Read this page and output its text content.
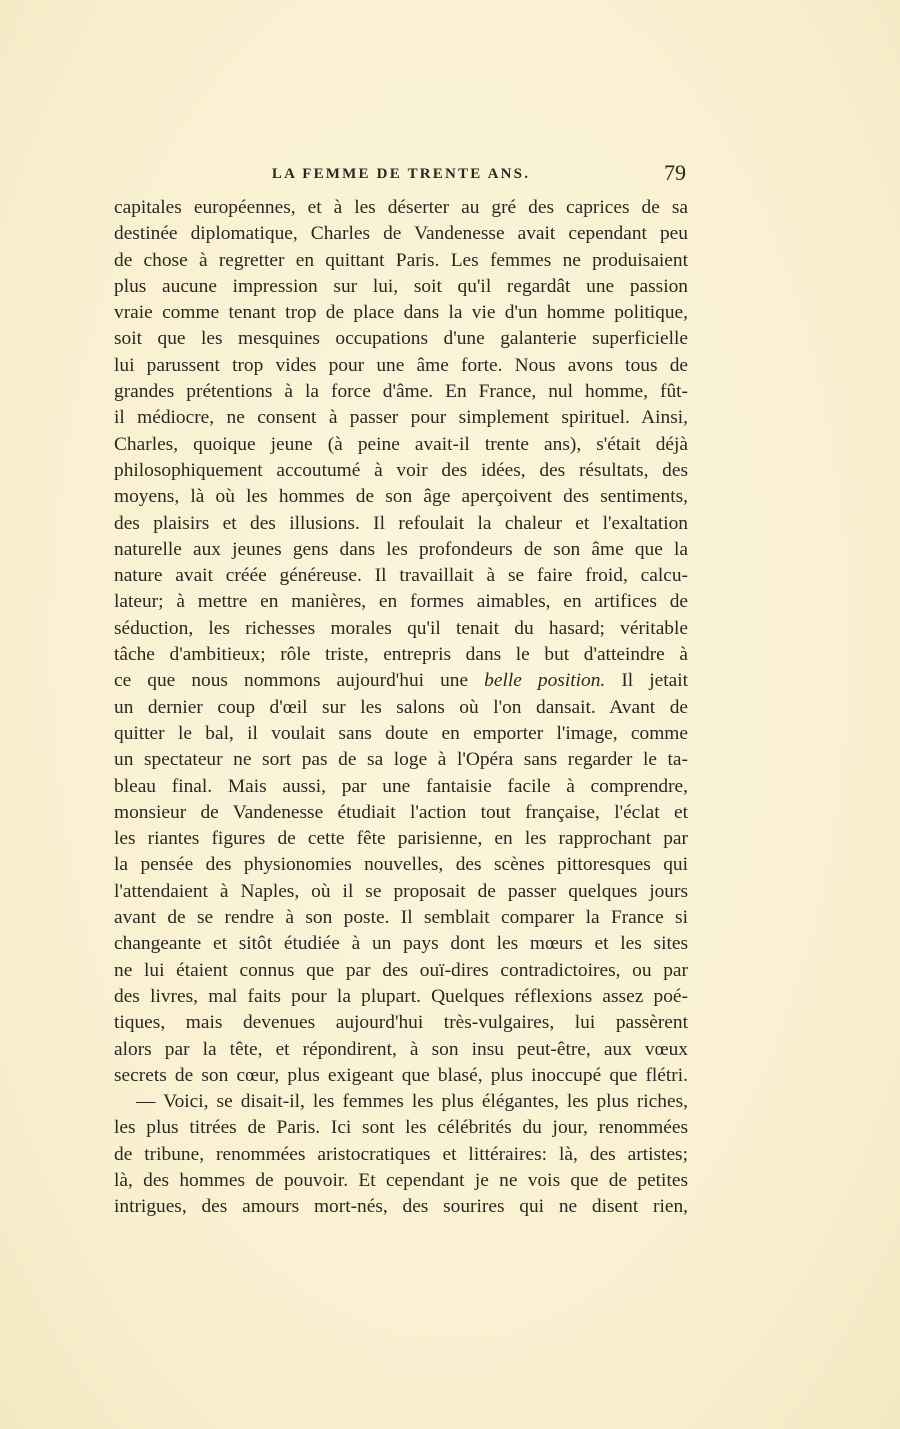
LA FEMME DE TRENTE ANS.	79
capitales européennes, et à les déserter au gré des caprices de sa
destinée diplomatique, Charles de Vandenesse avait cependant peu
de chose à regretter en quittant Paris. Les femmes ne produisaient
plus aucune impression sur lui, soit qu'il regardât une passion
vraie comme tenant trop de place dans la vie d'un homme politique,
soit que les mesquines occupations d'une galanterie superficielle
lui parussent trop vides pour une âme forte. Nous avons tous de
grandes prétentions à la force d'âme. En France, nul homme, fût-
il médiocre, ne consent à passer pour simplement spirituel. Ainsi,
Charles, quoique jeune (à peine avait-il trente ans), s'était déjà
philosophiquement accoutumé à voir des idées, des résultats, des
moyens, là où les hommes de son âge aperçoivent des sentiments,
des plaisirs et des illusions. Il refoulait la chaleur et l'exaltation
naturelle aux jeunes gens dans les profondeurs de son âme que la
nature avait créée généreuse. Il travaillait à se faire froid, calcu-
lateur; à mettre en manières, en formes aimables, en artifices de
séduction, les richesses morales qu'il tenait du hasard; véritable
tâche d'ambitieux; rôle triste, entrepris dans le but d'atteindre à
ce que nous nommons aujourd'hui une belle position. Il jetait
un dernier coup d'œil sur les salons où l'on dansait. Avant de
quitter le bal, il voulait sans doute en emporter l'image, comme
un spectateur ne sort pas de sa loge à l'Opéra sans regarder le ta-
bleau final. Mais aussi, par une fantaisie facile à comprendre,
monsieur de Vandenesse étudiait l'action tout française, l'éclat et
les riantes figures de cette fête parisienne, en les rapprochant par
la pensée des physionomies nouvelles, des scènes pittoresques qui
l'attendaient à Naples, où il se proposait de passer quelques jours
avant de se rendre à son poste. Il semblait comparer la France si
changeante et sitôt étudiée à un pays dont les mœurs et les sites
ne lui étaient connus que par des ouï-dires contradictoires, ou par
des livres, mal faits pour la plupart. Quelques réflexions assez poé-
tiques, mais devenues aujourd'hui très-vulgaires, lui passèrent
alors par la tête, et répondirent, à son insu peut-être, aux vœux
secrets de son cœur, plus exigeant que blasé, plus inoccupé que flétri.
— Voici, se disait-il, les femmes les plus élégantes, les plus riches,
les plus titrées de Paris. Ici sont les célébrités du jour, renommées
de tribune, renommées aristocratiques et littéraires: là, des artistes;
là, des hommes de pouvoir. Et cependant je ne vois que de petites
intrigues, des amours mort-nés, des sourires qui ne disent rien,
